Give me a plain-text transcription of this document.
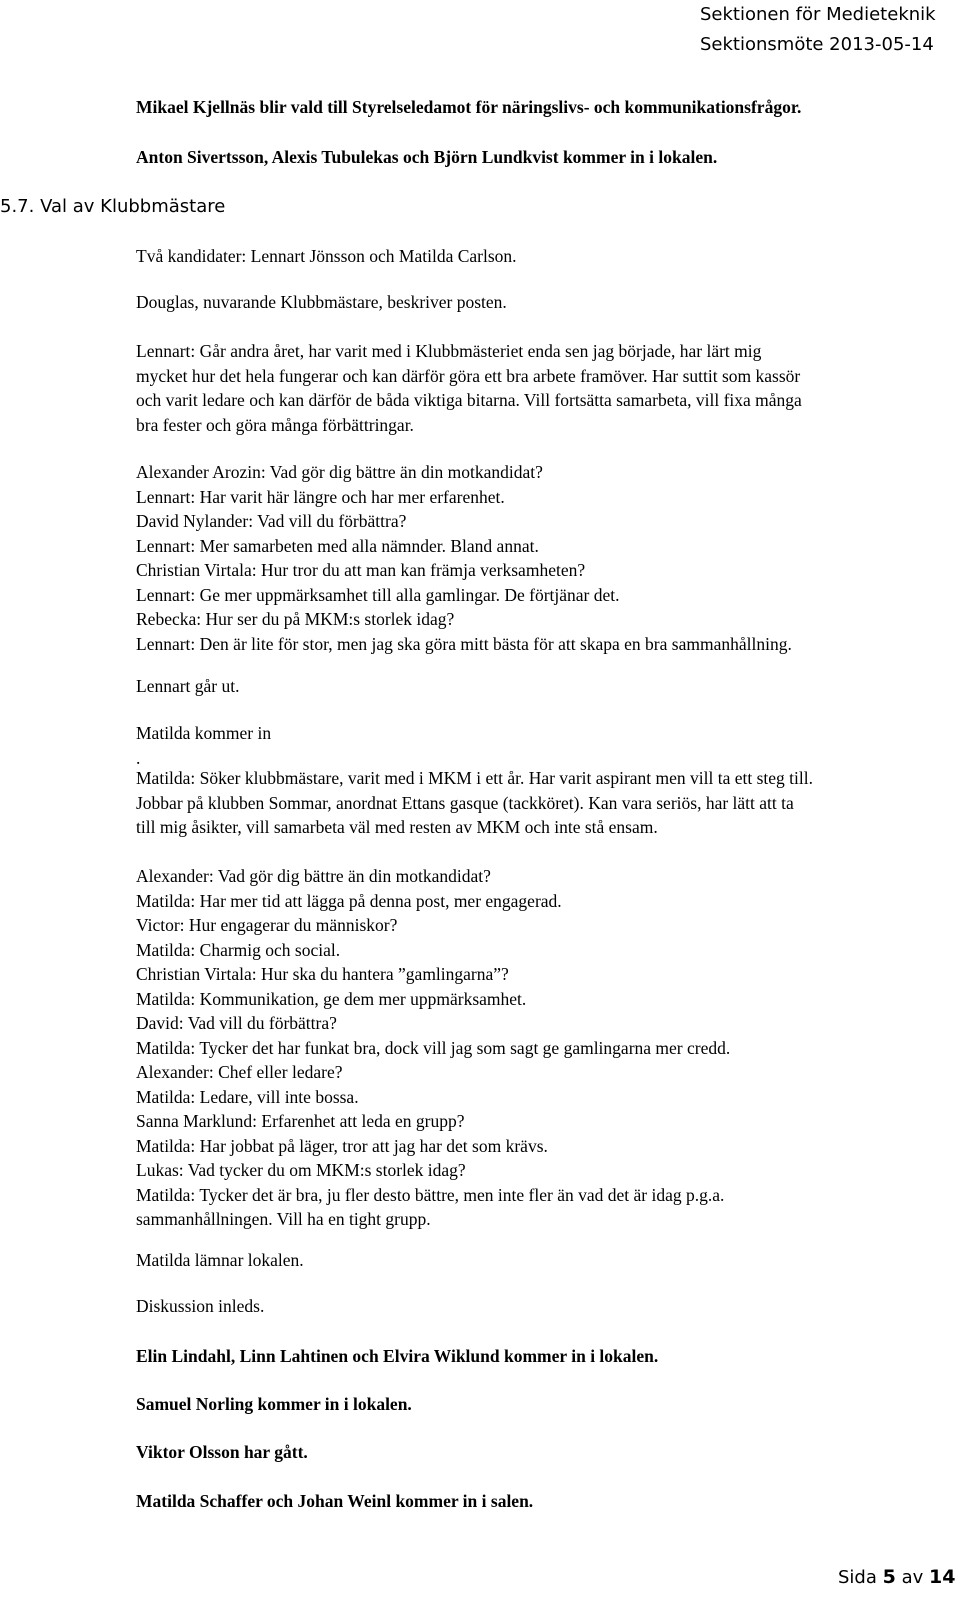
Sektionen för Medieteknik
Sektionsmöte 2013-05-14
5.7. Val av Klubbmästare
Mikael Kjellnäs blir vald till Styrelseledamot för näringslivs- och kommunikationsfrågor.
Anton Sivertsson, Alexis Tubulekas och Björn Lundkvist kommer in i lokalen.
Två kandidater: Lennart Jönsson och Matilda Carlson.
Douglas, nuvarande Klubbmästare, beskriver posten.
Lennart: Går andra året, har varit med i Klubbmästeriet enda sen jag började, har lärt mig
mycket hur det hela fungerar och kan därför göra ett bra arbete framöver. Har suttit som kassör
och varit ledare och kan därför de båda viktiga bitarna. Vill fortsätta samarbeta, vill fixa många
bra fester och göra många förbättringar.
Alexander Arozin: Vad gör dig bättre än din motkandidat?
Lennart: Har varit här längre och har mer erfarenhet.
David Nylander: Vad vill du förbättra?
Lennart: Mer samarbeten med alla nämnder. Bland annat.
Christian Virtala: Hur tror du att man kan främja verksamheten?
Lennart: Ge mer uppmärksamhet till alla gamlingar. De förtjänar det.
Rebecka: Hur ser du på MKM:s storlek idag?
Lennart: Den är lite för stor, men jag ska göra mitt bästa för att skapa en bra sammanhållning.
Lennart går ut.
Matilda kommer in
.
Matilda: Söker klubbmästare, varit med i MKM i ett år. Har varit aspirant men vill ta ett steg till.
Jobbar på klubben Sommar, anordnat Ettans gasque (tackköret). Kan vara seriös, har lätt att ta
till mig åsikter, vill samarbeta väl med resten av MKM och inte stå ensam.
Alexander: Vad gör dig bättre än din motkandidat?
Matilda: Har mer tid att lägga på denna post, mer engagerad.
Victor: Hur engagerar du människor?
Matilda: Charmig och social.
Christian Virtala: Hur ska du hantera ”gamlingarna”?
Matilda: Kommunikation, ge dem mer uppmärksamhet.
David: Vad vill du förbättra?
Matilda: Tycker det har funkat bra, dock vill jag som sagt ge gamlingarna mer credd.
Alexander: Chef eller ledare?
Matilda: Ledare, vill inte bossa.
Sanna Marklund: Erfarenhet att leda en grupp?
Matilda: Har jobbat på läger, tror att jag har det som krävs.
Lukas: Vad tycker du om MKM:s storlek idag?
Matilda: Tycker det är bra, ju fler desto bättre, men inte fler än vad det är idag p.g.a.
sammanhållningen. Vill ha en tight grupp.
Matilda lämnar lokalen.
Diskussion inleds.
Elin Lindahl, Linn Lahtinen och Elvira Wiklund kommer in i lokalen.
Samuel Norling kommer in i lokalen.
Viktor Olsson har gått.
Matilda Schaffer och Johan Weinl kommer in i salen.
Sida 5 av 14
